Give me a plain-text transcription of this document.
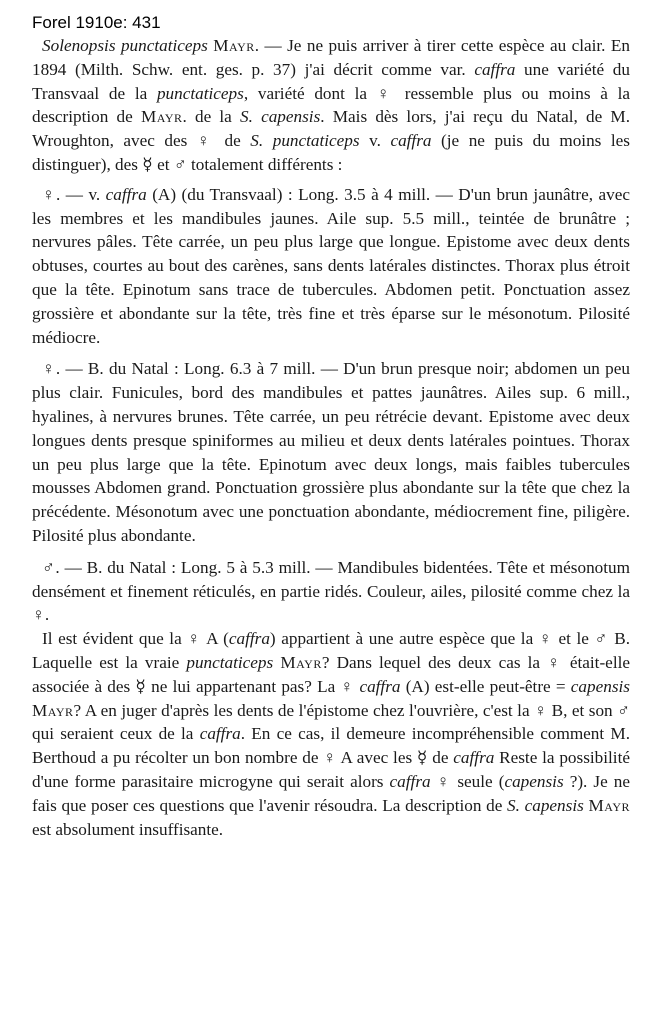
Forel 1910e: 431

Solenopsis punctaticeps Mayr. — Je ne puis arriver à tirer cette espèce au clair. En 1894 (Milth. Schw. ent. ges. p. 37) j'ai décrit comme var. caffra une variété du Transvaal de la punctaticeps, variété dont la ♀ ressemble plus ou moins à la description de Mayr. de la S. capensis. Mais dès lors, j'ai reçu du Natal, de M. Wroughton, avec des ♀ de S. punctaticeps v. caffra (je ne puis du moins les distinguer), des ☿ et ♂ totalement différents :

♀. — v. caffra (A) (du Transvaal) : Long. 3.5 à 4 mill. — D'un brun jaunâtre, avec les membres et les mandibules jaunes. Aile sup. 5.5 mill., teintée de brunâtre ; nervures pâles. Tête carrée, un peu plus large que longue. Epistome avec deux dents obtuses, courtes au bout des carènes, sans dents latérales distinctes. Thorax plus étroit que la tête. Epinotum sans trace de tubercules. Abdomen petit. Ponctuation assez grossière et abondante sur la tête, très fine et très éparse sur le mésonotum. Pilosité médiocre.

♀. — B. du Natal : Long. 6.3 à 7 mill. — D'un brun presque noir; abdomen un peu plus clair. Funicules, bord des mandibules et pattes jaunâtres. Ailes sup. 6 mill., hyalines, à nervures brunes. Tête carrée, un peu rétrécie devant. Epistome avec deux longues dents presque spiniformes au milieu et deux dents latérales pointues. Thorax un peu plus large que la tête. Epinotum avec deux longs, mais faibles tubercules mousses Abdomen grand. Ponctuation grossière plus abondante sur la tête que chez la précédente. Mésonotum avec une ponctuation abondante, médiocrement fine, piligère. Pilosité plus abondante.

♂. — B. du Natal : Long. 5 à 5.3 mill. — Mandibules bidentées. Tête et mésonotum densément et finement réticulés, en partie ridés. Couleur, ailes, pilosité comme chez la ♀.

Il est évident que la ♀ A (caffra) appartient à une autre espèce que la ♀ et le ♂ B. Laquelle est la vraie punctaticeps Mayr? Dans lequel des deux cas la ♀ était-elle associée à des ☿ ne lui appartenant pas? La ♀ caffra (A) est-elle peut-être = capensis Mayr? A en juger d'après les dents de l'épistome chez l'ouvrière, c'est la ♀ B, et son ♂ qui seraient ceux de la caffra. En ce cas, il demeure incompréhensible comment M. Berthoud a pu récolter un bon nombre de ♀ A avec les ☿ de caffra Reste la possibilité d'une forme parasitaire microgyne qui serait alors caffra ♀ seule (capensis ?). Je ne fais que poser ces questions que l'avenir résoudra. La description de S. capensis Mayr est absolument insuffisante.
